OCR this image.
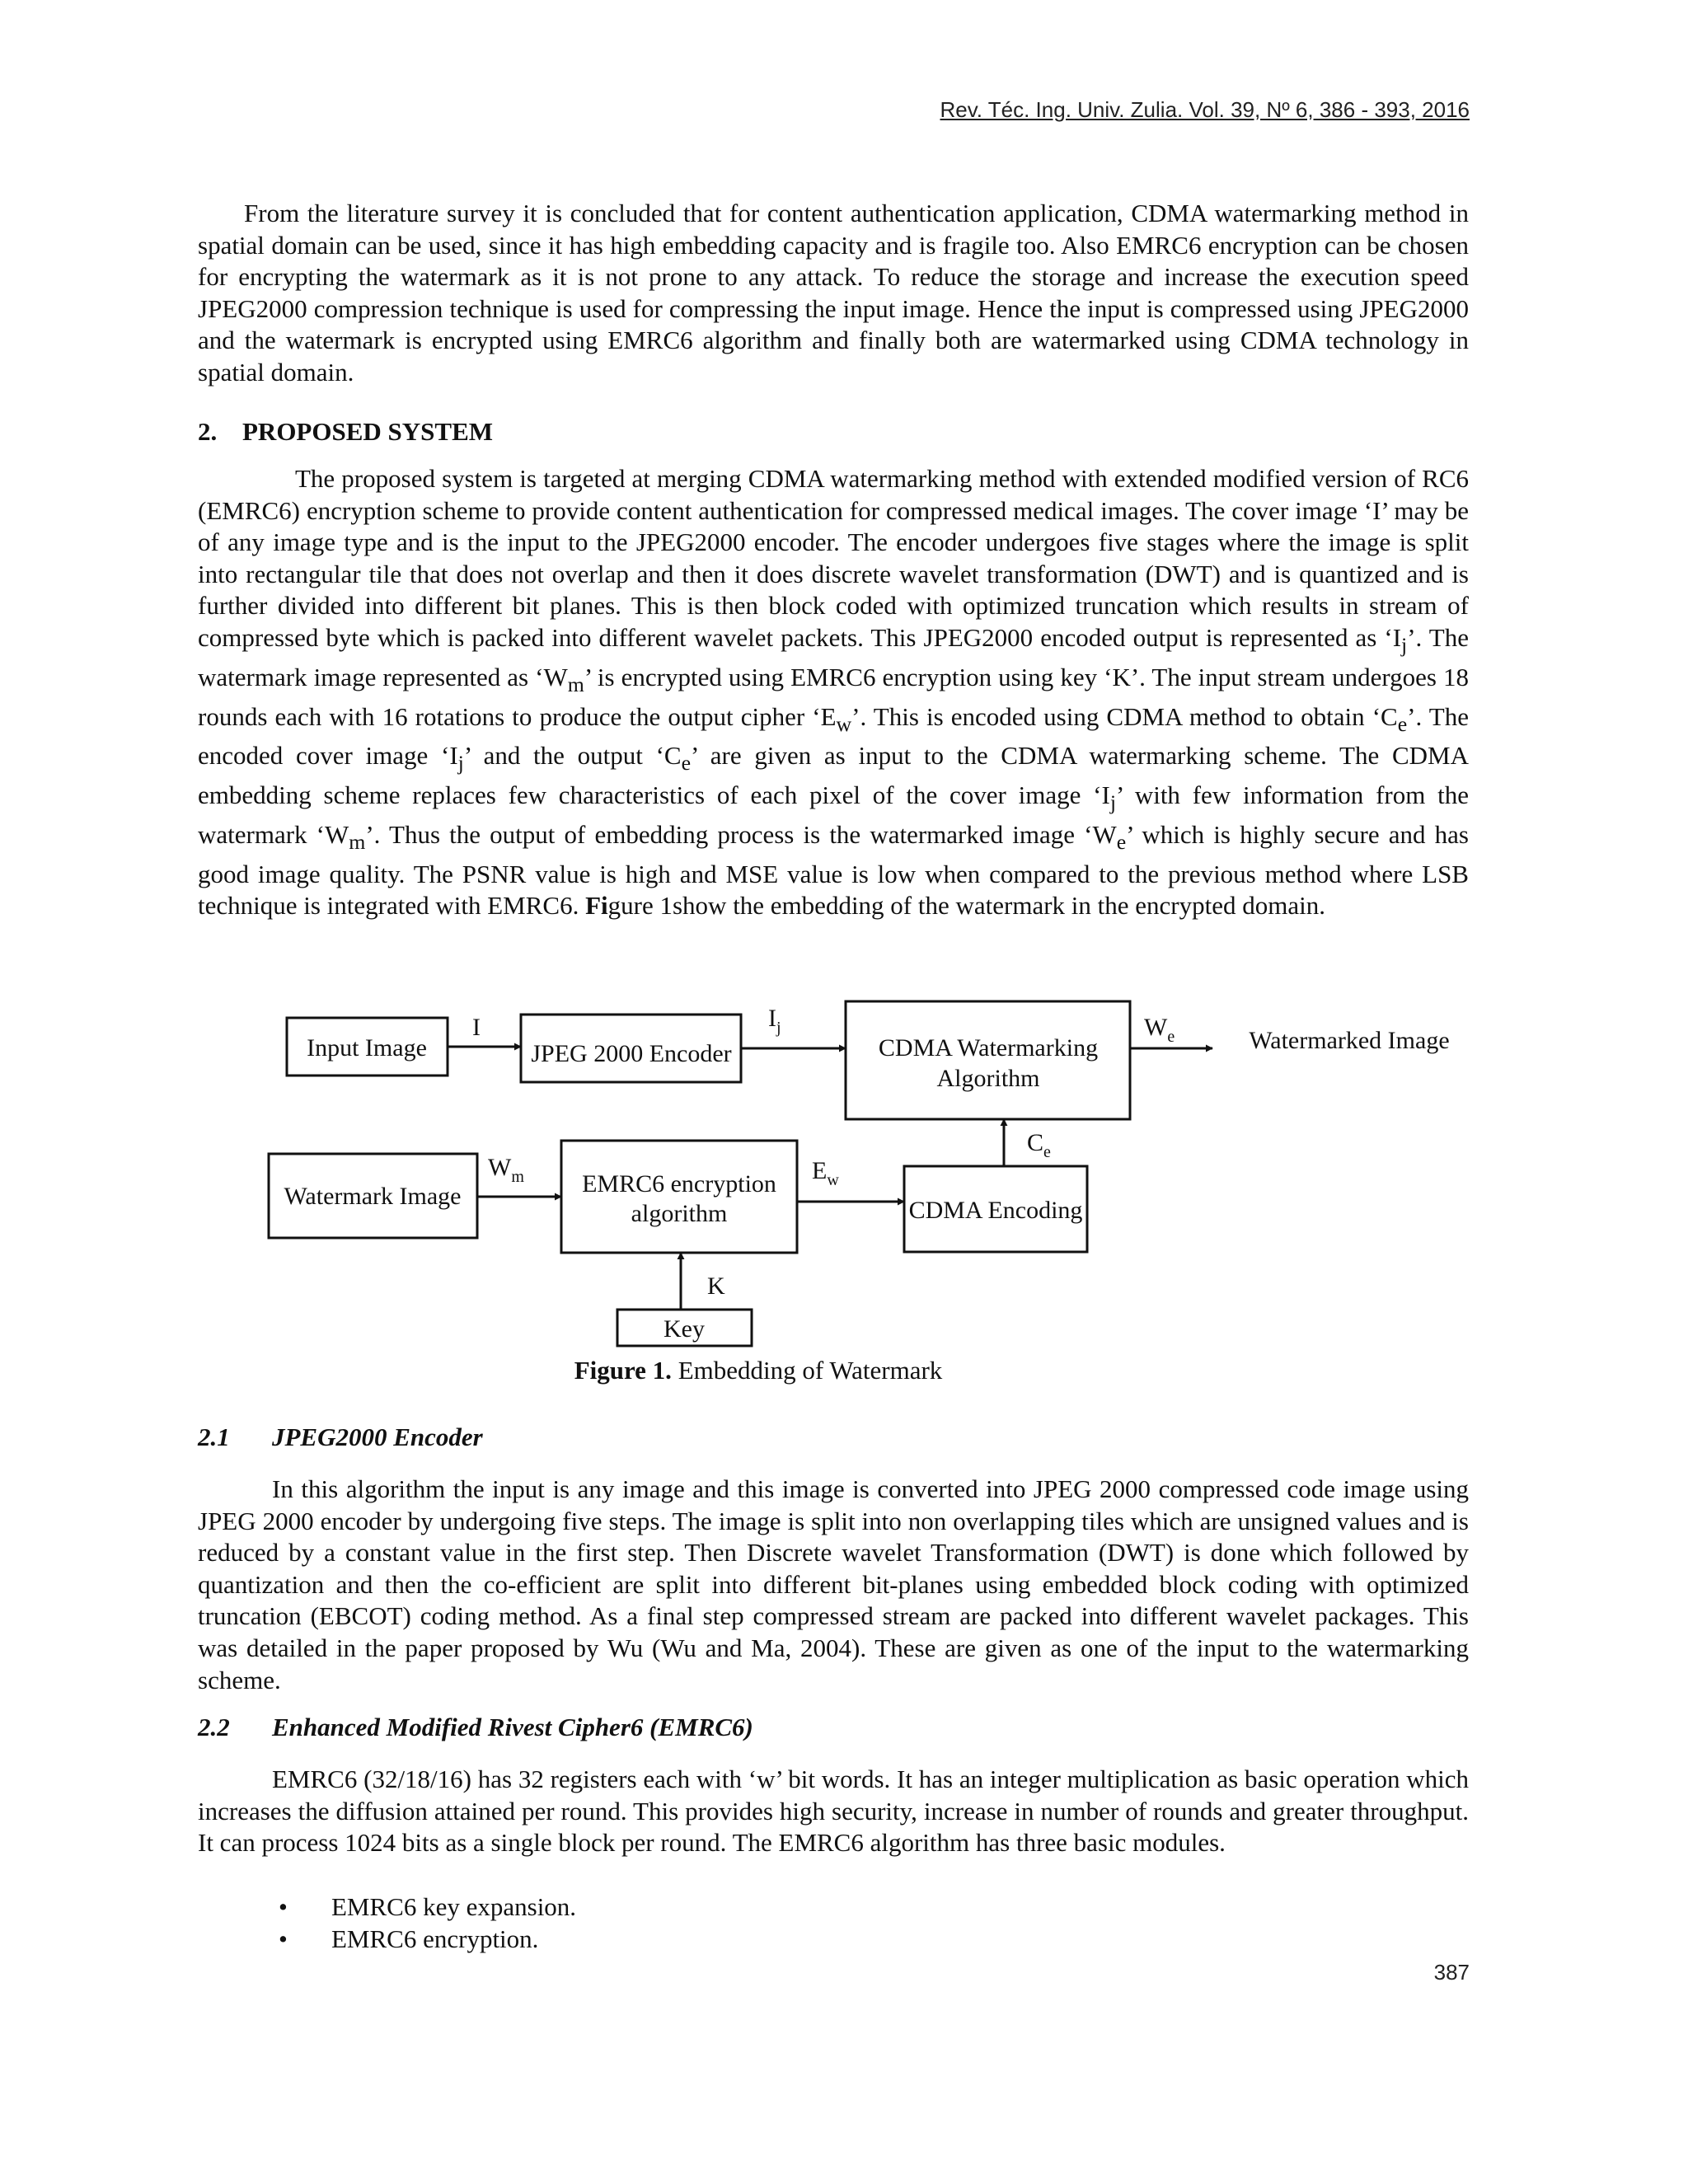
Rev. Téc. Ing. Univ. Zulia. Vol. 39, Nº 6, 386 - 393, 2016

From the literature survey it is concluded that for content authentication application, CDMA watermarking method in spatial domain can be used, since it has high embedding capacity and is fragile too. Also EMRC6 encryption can be chosen for encrypting the watermark as it is not prone to any attack. To reduce the storage and increase the execution speed JPEG2000 compression technique is used for compressing the input image. Hence the input is compressed using JPEG2000 and the watermark is encrypted using EMRC6 algorithm and finally both are watermarked using CDMA technology in spatial domain.

2. PROPOSED SYSTEM

The proposed system is targeted at merging CDMA watermarking method with extended modified version of RC6 (EMRC6) encryption scheme to provide content authentication for compressed medical images. The cover image ‘I’ may be of any image type and is the input to the JPEG2000 encoder. The encoder undergoes five stages where the image is split into rectangular tile that does not overlap and then it does discrete wavelet transformation (DWT) and is quantized and is further divided into different bit planes. This is then block coded with optimized truncation which results in stream of compressed byte which is packed into different wavelet packets. This JPEG2000 encoded output is represented as ‘$I_j$’. The watermark image represented as ‘$W_m$’ is encrypted using EMRC6 encryption using key ‘K’. The input stream undergoes 18 rounds each with 16 rotations to produce the output cipher ‘$E_w$’. This is encoded using CDMA method to obtain ‘$C_e$’. The encoded cover image ‘$I_j$’ and the output ‘$C_e$’ are given as input to the CDMA watermarking scheme. The CDMA embedding scheme replaces few characteristics of each pixel of the cover image ‘$I_j$’ with few information from the watermark ‘$W_m$’. Thus the output of embedding process is the watermarked image ‘$W_e$’ which is highly secure and has good image quality. The PSNR value is high and MSE value is low when compared to the previous method where LSB technique is integrated with EMRC6. Figure 1show the embedding of the watermark in the encrypted domain.

Input Image	JPEG 2000 Encoder	CDMA Watermarking
Algorithm
Watermarked Image
Watermark Image	EMRC6 encryption
algorithm	CDMA Encoding
Key
I	$I_j$	$W_e$
$C_e$
$W_m$	$E_w$
K
Figure 1. Embedding of Watermark
2.1 JPEG2000 Encoder

In this algorithm the input is any image and this image is converted into JPEG 2000 compressed code image using JPEG 2000 encoder by undergoing five steps. The image is split into non overlapping tiles which are unsigned values and is reduced by a constant value in the first step. Then Discrete wavelet Transformation (DWT) is done which followed by quantization and then the co-efficient are split into different bit-planes using embedded block coding with optimized truncation (EBCOT) coding method. As a final step compressed stream are packed into different wavelet packages. This was detailed in the paper proposed by Wu (Wu and Ma, 2004). These are given as one of the input to the watermarking scheme.

2.2 Enhanced Modified Rivest Cipher6 (EMRC6)

EMRC6 (32/18/16) has 32 registers each with ‘w’ bit words. It has an integer multiplication as basic operation which increases the diffusion attained per round. This provides high security, increase in number of rounds and greater throughput. It can process 1024 bits as a single block per round. The EMRC6 algorithm has three basic modules.

• EMRC6 key expansion.
• EMRC6 encryption.
387
